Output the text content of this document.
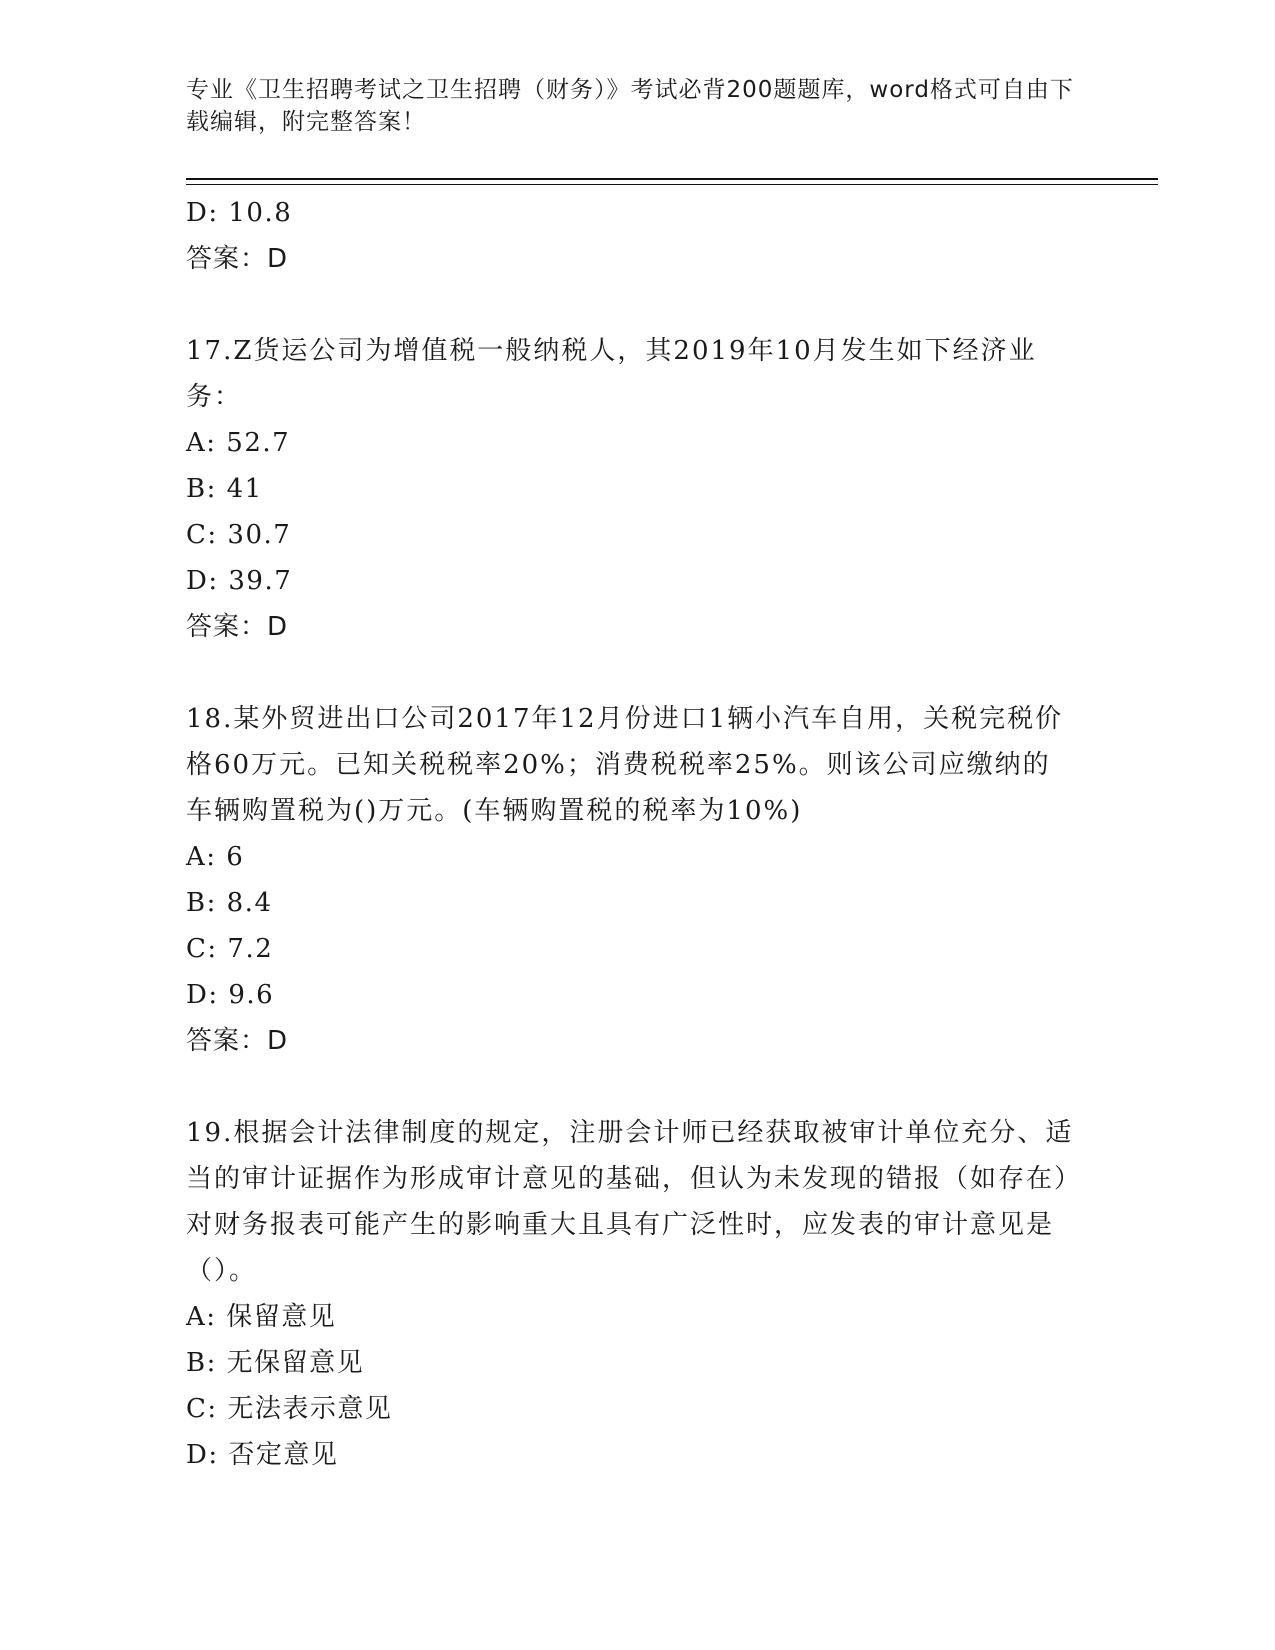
专业《卫生招聘考试之卫生招聘（财务）》考试必背200题题库，word格式可自由下载编辑，附完整答案！
D: 10.8
答案：D
17.Z货运公司为增值税一般纳税人，其2019年10月发生如下经济业务：
A: 52.7
B: 41
C: 30.7
D: 39.7
答案：D
18.某外贸进出口公司2017年12月份进口1辆小汽车自用，关税完税价格60万元。已知关税税率20%；消费税税率25%。则该公司应缴纳的车辆购置税为()万元。(车辆购置税的税率为10%)
A: 6
B: 8.4
C: 7.2
D: 9.6
答案：D
19.根据会计法律制度的规定，注册会计师已经获取被审计单位充分、适当的审计证据作为形成审计意见的基础，但认为未发现的错报（如存在）对财务报表可能产生的影响重大且具有广泛性时，应发表的审计意见是（）。
A: 保留意见
B: 无保留意见
C: 无法表示意见
D: 否定意见
